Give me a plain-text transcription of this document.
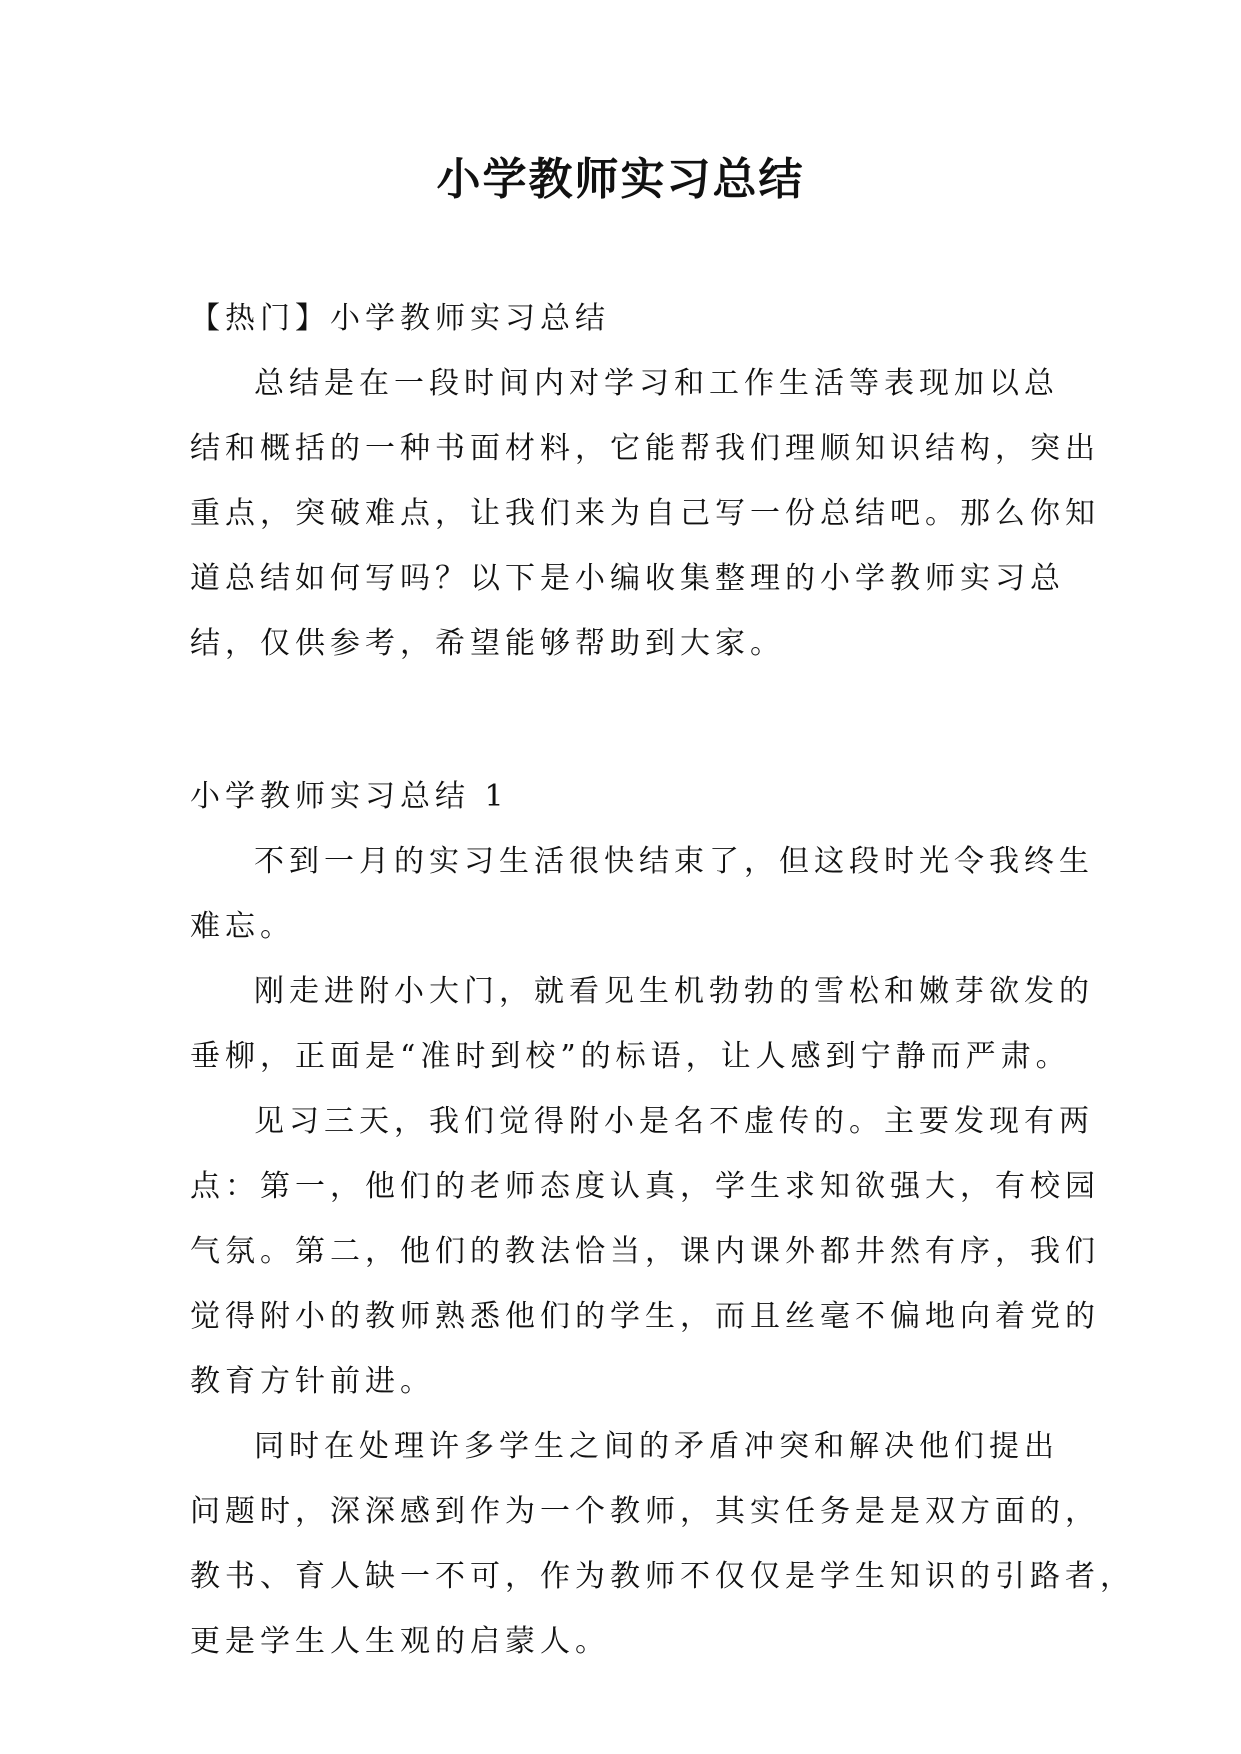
小学教师实习总结
【热门】小学教师实习总结
总结是在一段时间内对学习和工作生活等表现加以总
结和概括的一种书面材料，它能帮我们理顺知识结构，突出
重点，突破难点，让我们来为自己写一份总结吧。那么你知
道总结如何写吗？以下是小编收集整理的小学教师实习总
结，仅供参考，希望能够帮助到大家。
小学教师实习总结 1
不到一月的实习生活很快结束了，但这段时光令我终生
难忘。
刚走进附小大门，就看见生机勃勃的雪松和嫩芽欲发的
垂柳，正面是“准时到校”的标语，让人感到宁静而严肃。
见习三天，我们觉得附小是名不虚传的。主要发现有两
点：第一，他们的老师态度认真，学生求知欲强大，有校园
气氛。第二，他们的教法恰当，课内课外都井然有序，我们
觉得附小的教师熟悉他们的学生，而且丝毫不偏地向着党的
教育方针前进。
同时在处理许多学生之间的矛盾冲突和解决他们提出
问题时，深深感到作为一个教师，其实任务是是双方面的，
教书、育人缺一不可，作为教师不仅仅是学生知识的引路者，
更是学生人生观的启蒙人。
